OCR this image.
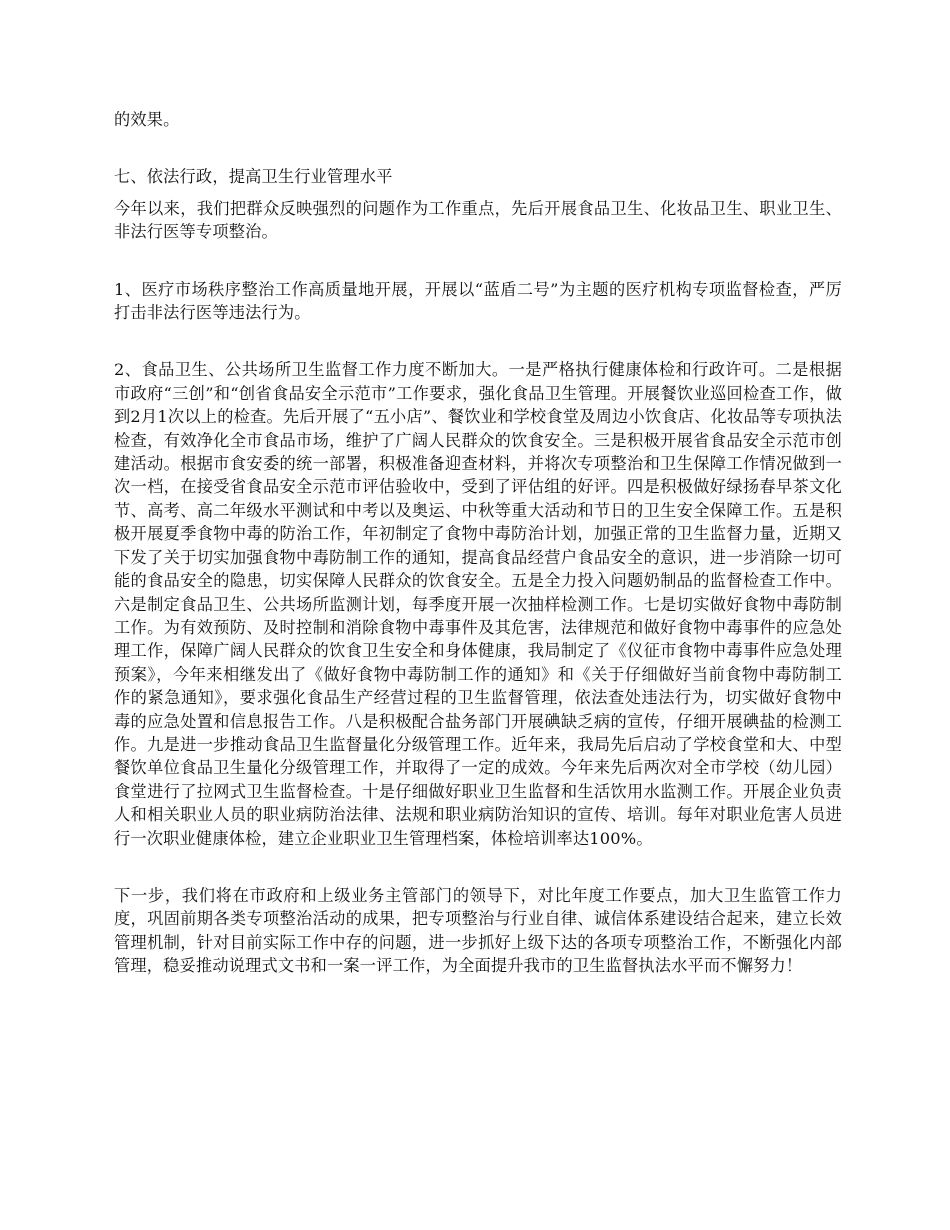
的效果。

七、依法行政，提高卫生行业管理水平

今年以来，我们把群众反映强烈的问题作为工作重点，先后开展食品卫生、化妆品卫生、职业卫生、非法行医等专项整治。

1、医疗市场秩序整治工作高质量地开展，开展以“蓝盾二号”为主题的医疗机构专项监督检查，严厉打击非法行医等违法行为。

2、食品卫生、公共场所卫生监督工作力度不断加大。一是严格执行健康体检和行政许可。二是根据市政府“三创”和“创省食品安全示范市”工作要求，强化食品卫生管理。开展餐饮业巡回检查工作，做到2月1次以上的检查。先后开展了“五小店”、餐饮业和学校食堂及周边小饮食店、化妆品等专项执法检查，有效净化全市食品市场，维护了广阔人民群众的饮食安全。三是积极开展省食品安全示范市创建活动。根据市食安委的统一部署，积极准备迎查材料，并将次专项整治和卫生保障工作情况做到一次一档，在接受省食品安全示范市评估验收中，受到了评估组的好评。四是积极做好绿扬春早茶文化节、高考、高二年级水平测试和中考以及奥运、中秋等重大活动和节日的卫生安全保障工作。五是积极开展夏季食物中毒的防治工作，年初制定了食物中毒防治计划，加强正常的卫生监督力量，近期又下发了关于切实加强食物中毒防制工作的通知，提高食品经营户食品安全的意识，进一步消除一切可能的食品安全的隐患，切实保障人民群众的饮食安全。五是全力投入问题奶制品的监督检查工作中。六是制定食品卫生、公共场所监测计划，每季度开展一次抽样检测工作。七是切实做好食物中毒防制工作。为有效预防、及时控制和消除食物中毒事件及其危害，法律规范和做好食物中毒事件的应急处理工作，保障广阔人民群众的饮食卫生安全和身体健康，我局制定了《仪征市食物中毒事件应急处理预案》，今年来相继发出了《做好食物中毒防制工作的通知》和《关于仔细做好当前食物中毒防制工作的紧急通知》，要求强化食品生产经营过程的卫生监督管理，依法查处违法行为，切实做好食物中毒的应急处置和信息报告工作。八是积极配合盐务部门开展碘缺乏病的宣传，仔细开展碘盐的检测工作。九是进一步推动食品卫生监督量化分级管理工作。近年来，我局先后启动了学校食堂和大、中型餐饮单位食品卫生量化分级管理工作，并取得了一定的成效。今年来先后两次对全市学校（幼儿园）食堂进行了拉网式卫生监督检查。十是仔细做好职业卫生监督和生活饮用水监测工作。开展企业负责人和相关职业人员的职业病防治法律、法规和职业病防治知识的宣传、培训。每年对职业危害人员进行一次职业健康体检，建立企业职业卫生管理档案，体检培训率达100%。

下一步，我们将在市政府和上级业务主管部门的领导下，对比年度工作要点，加大卫生监管工作力度，巩固前期各类专项整治活动的成果，把专项整治与行业自律、诚信体系建设结合起来，建立长效管理机制，针对目前实际工作中存的问题，进一步抓好上级下达的各项专项整治工作，不断强化内部管理，稳妥推动说理式文书和一案一评工作，为全面提升我市的卫生监督执法水平而不懈努力！
